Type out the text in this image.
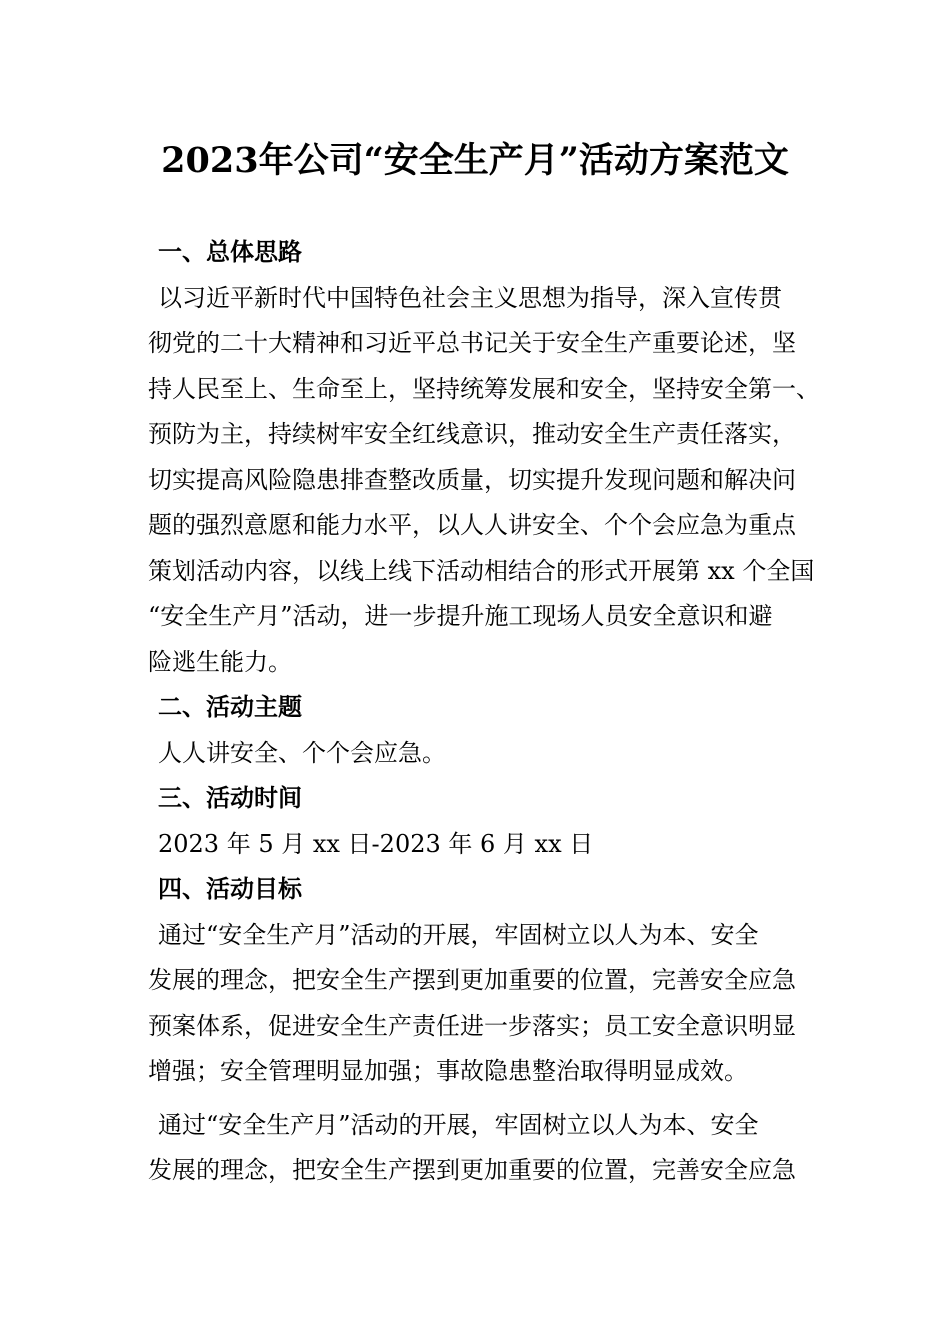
2023年公司“安全生产月”活动方案范文
一、总体思路
以习近平新时代中国特色社会主义思想为指导，深入宣传贯
彻党的二十大精神和习近平总书记关于安全生产重要论述，坚
持人民至上、生命至上，坚持统筹发展和安全，坚持安全第一、
预防为主，持续树牢安全红线意识，推动安全生产责任落实，
切实提高风险隐患排查整改质量，切实提升发现问题和解决问
题的强烈意愿和能力水平，以人人讲安全、个个会应急为重点
策划活动内容，以线上线下活动相结合的形式开展第 xx 个全国
“安全生产月”活动，进一步提升施工现场人员安全意识和避
险逃生能力。
二、活动主题
人人讲安全、个个会应急。
三、活动时间
2023 年 5 月 xx 日-2023 年 6 月 xx 日
四、活动目标
通过“安全生产月”活动的开展，牢固树立以人为本、安全
发展的理念，把安全生产摆到更加重要的位置，完善安全应急
预案体系，促进安全生产责任进一步落实；员工安全意识明显
增强；安全管理明显加强；事故隐患整治取得明显成效。
通过“安全生产月”活动的开展，牢固树立以人为本、安全
发展的理念，把安全生产摆到更加重要的位置，完善安全应急
